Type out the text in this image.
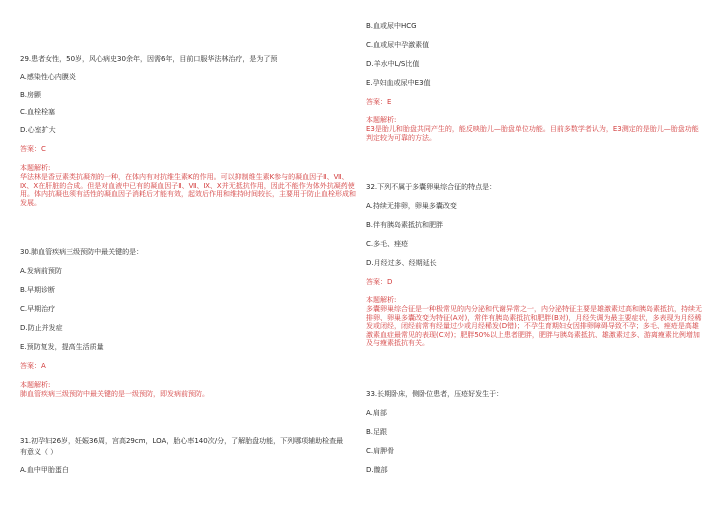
29.患者女性，50岁，风心病史30余年，因需6年，目前口服华法林治疗，是为了预
A.感染性心内膜炎
B.房颤
C.血栓栓塞
D.心室扩大
答案：C
本题解析:
华法林是香豆素类抗凝剂的一种，在体内有对抗维生素K的作用。可以抑制维生素K参与的凝血因子Ⅱ、Ⅶ、Ⅸ、Ⅹ在肝脏的合成。但是对血液中已有的凝血因子Ⅱ、Ⅶ、Ⅸ、Ⅹ并无抵抗作用，因此不能作为体外抗凝药使用。体内抗凝也须有活性的凝血因子消耗后才能有效，起效后作用和维持时间较长，主要用于防止血栓形成和发展。
30.肺血管疾病三级预防中最关键的是：
A.发病前预防
B.早期诊断
C.早期治疗
D.防止并发症
E.预防复发，提高生活质量
答案：A
本题解析:
肺血管疾病三级预防中最关键的是一级预防，即发病前预防。
31.初孕妇26岁，妊娠36周，宫高29cm，LOA，胎心率140次/分，了解胎盘功能，下列哪项辅助检查最
有意义（ ）
A.血中甲胎蛋白
B.血或尿中HCG
C.血或尿中孕激素值
D.羊水中L/S比值
E.孕妇血或尿中E3值
答案：E
本题解析:
E3是胎儿和胎盘共同产生的，能反映胎儿—胎盘单位功能。目前多数学者认为，E3测定的是胎儿—胎盘功能判定较为可靠的方法。
32.下列不属于多囊卵巢综合征的特点是：
A.持续无排卵，卵巢多囊改变
B.伴有胰岛素抵抗和肥胖
C.多毛、痤疮
D.月经过多、经期延长
答案：D
本题解析:
多囊卵巢综合征是一种极常见的内分泌和代谢异常之一，内分泌特征主要是雄激素过高和胰岛素抵抗，持续无排卵、卵巢多囊改变为特征(A对)，常伴有胰岛素抵抗和肥胖(B对)，月经失调为最主要症状，多表现为月经稀发或闭经，闭经前常有经量过少或月经稀发(D错)；不孕生育期妇女因排卵障碍导致不孕；多毛、痤疮是高雄激素血症最常见的表现(C对)；肥胖50%以上患者肥胖，肥胖与胰岛素抵抗、雄激素过多、游离瘦素比例增加及与瘦素抵抗有关。
33.长期卧床，侧卧位患者，压疮好发生于：
A.肩部
B.足跟
C.肩胛骨
D.髋部
